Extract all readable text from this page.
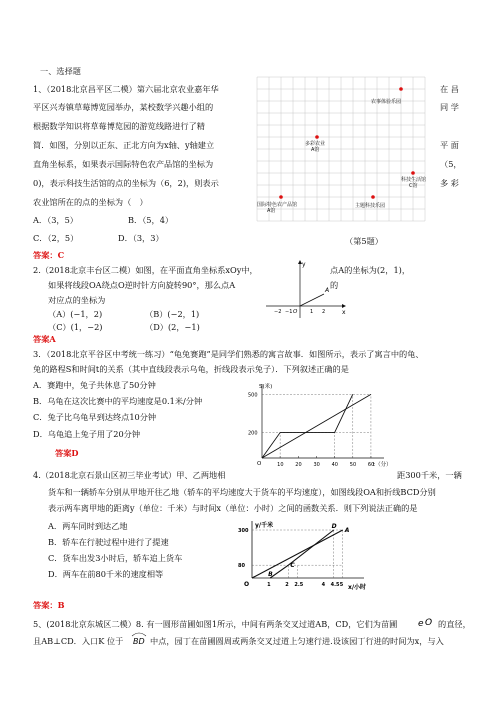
一、选择题
1、（2018北京昌平区二模）第六届北京农业嘉年华
平区兴寿镇草莓博览园举办，某校数学兴趣小组的
根据数学知识将草莓博览园的游览线路进行了精
简．如图，分别以正东、正北方向为x轴、y轴建立
直角坐标系，如果表示国际特色农产品馆的坐标为
0)，表示科技生活馆的点的坐标为（6，2)，则表示
农业馆所在的点的坐标为（　）
在 昌
同 学
平 面
（5，
多 彩
A．（3，5）	B．（5，4）
C．（2，5）	D．（3，3）
答案：C
农事体验乐园
多彩农业
A馆
科技生活馆
C馆
国际特色农产品馆
A馆
主题科技乐园
（第5题）
2.（2018北京丰台区二模）如图，在平面直角坐标系xOy中，	点A的坐标为(2，1)，
如果将线段OA绕点O逆时针方向旋转90°，那么点A	的
对应点的坐标为
（A）(−1，2)	（B）(−2，1)
（C）(1，−2)	（D）(2，−1)
答案A
y
x
O
−2 −1	1 2
A
3．（2018北京平谷区中考统一练习）“龟兔赛跑”是同学们熟悉的寓言故事．如图所示，表示了寓言中的龟、
兔的路程S和时间t的关系（其中直线段表示乌龟，折线段表示兔子）．下列叙述正确的是
A．赛跑中，兔子共休息了50分钟
B．乌龟在这次比赛中的平均速度是0.1米/分钟
C．兔子比乌龟早到达终点10分钟
D．乌龟追上兔子用了20分钟
答案D
S(米)
t（分）
O	10 20 30 40 50 60
200
500
4.（2018北京石景山区初三毕业考试）甲、乙两地相	距300千米，一辆
货车和一辆轿车分别从甲地开往乙地（轿车的平均速度大于货车的平均速度），如图线段OA和折线BCD分别
表示两车离甲地的距离y（单位：千米）与时间x（单位：小时）之间的函数关系．则下列说法正确的是
A．两车同时到达乙地
B．轿车在行驶过程中进行了提速
C．货车出发3小时后，轿车追上货车
D．两车在前80千米的速度相等
答案：B
y/千米
x/小时
O	1	2 2.5	4 4.5 5
80
300	A
D
C
B
5、(2018北京东城区二模）8. 有一圆形苗圃如图1所示，中间有两条交叉过道AB，CD，它们为苗圃	的直径，
e O
且AB⊥CD．入口K 位于 BD 中点，园丁在苗圃圆周或两条交叉过道上匀速行进.设该园丁行进的时间为x，与入
